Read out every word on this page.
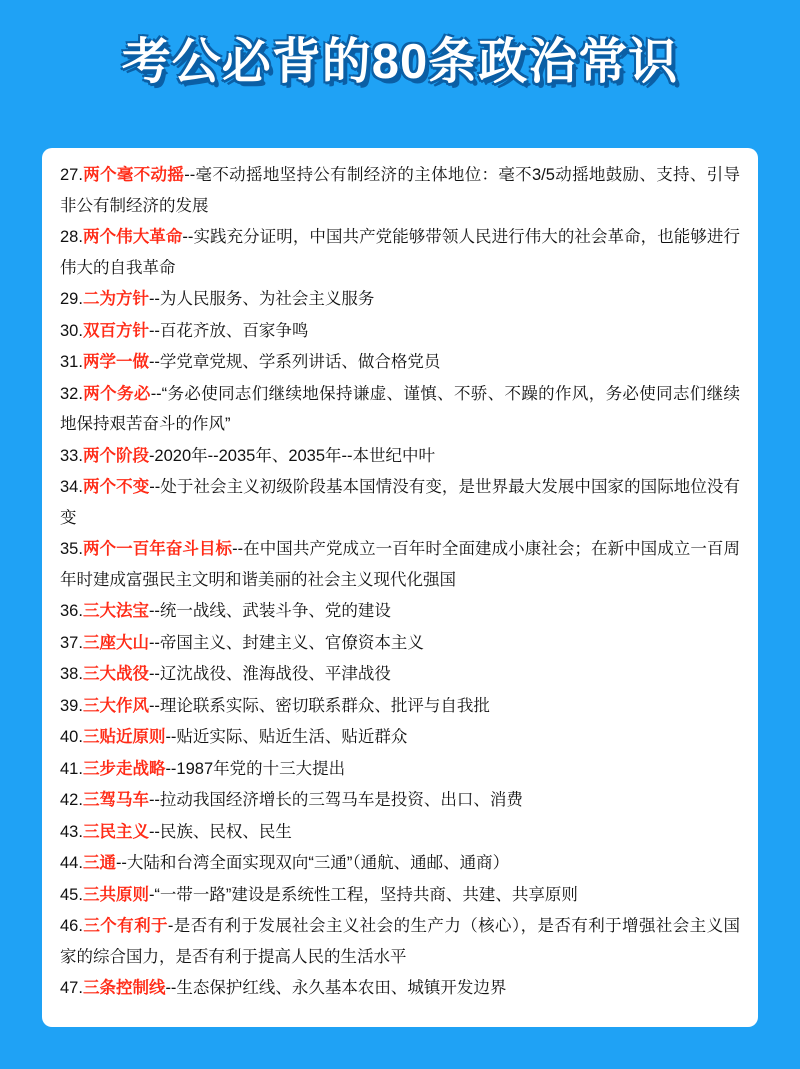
考公必背的80条政治常识

27.两个毫不动摇--毫不动摇地坚持公有制经济的主体地位：毫不3/5动摇地鼓励、支持、引导非公有制经济的发展

28.两个伟大革命--实践充分证明，中国共产党能够带领人民进行伟大的社会革命，也能够进行伟大的自我革命

29.二为方针--为人民服务、为社会主义服务

30.双百方针--百花齐放、百家争鸣

31.两学一做--学党章党规、学系列讲话、做合格党员

32.两个务必--“务必使同志们继续地保持谦虚、谨慎、不骄、不躁的作风，务必使同志们继续地保持艰苦奋斗的作风”

33.两个阶段-2020年--2035年、2035年--本世纪中叶

34.两个不变--处于社会主义初级阶段基本国情没有变，是世界最大发展中国家的国际地位没有变

35.两个一百年奋斗目标--在中国共产党成立一百年时全面建成小康社会；在新中国成立一百周年时建成富强民主文明和谐美丽的社会主义现代化强国

36.三大法宝--统一战线、武装斗争、党的建设

37.三座大山--帝国主义、封建主义、官僚资本主义

38.三大战役--辽沈战役、淮海战役、平津战役

39.三大作风--理论联系实际、密切联系群众、批评与自我批

40.三贴近原则--贴近实际、贴近生活、贴近群众

41.三步走战略--1987年党的十三大提出

42.三驾马车--拉动我国经济增长的三驾马车是投资、出口、消费

43.三民主义--民族、民权、民生

44.三通--大陆和台湾全面实现双向“三通”（通航、通邮、通商）

45.三共原则-“一带一路”建设是系统性工程，坚持共商、共建、共享原则

46.三个有利于-是否有利于发展社会主义社会的生产力（核心），是否有利于增强社会主义国家的综合国力，是否有利于提高人民的生活水平

47.三条控制线--生态保护红线、永久基本农田、城镇开发边界
